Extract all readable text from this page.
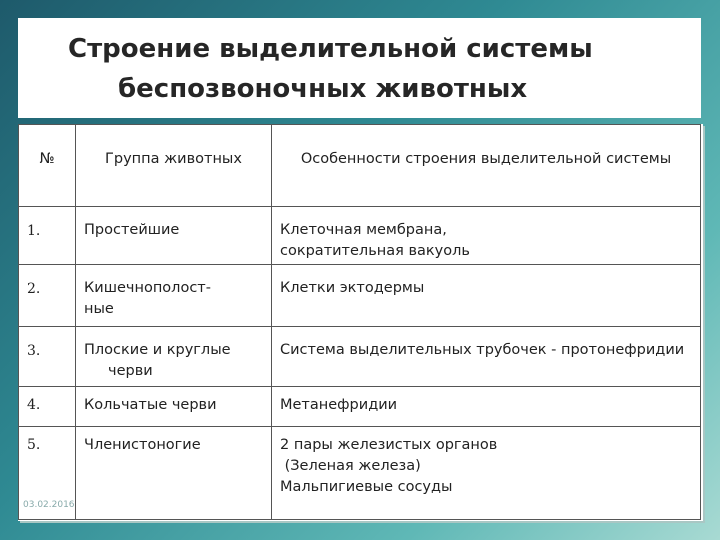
Строение выделительной системы
беспозвоночных животных
№	Группа животных	Особенности строения выделительной системы

1.	Простейшие	Клеточная мембрана,
сократительная вакуоль

2.	Кишечнополост-
ные	Клетки эктодермы

3.	Плоские и круглые
черви	Система выделительных трубочек - протонефридии

4.	Кольчатые черви	Метанефридии

5.	Членистоногие	2 пары железистых органов
(Зеленая железа)
Мальпигиевые сосуды
03.02.2016
